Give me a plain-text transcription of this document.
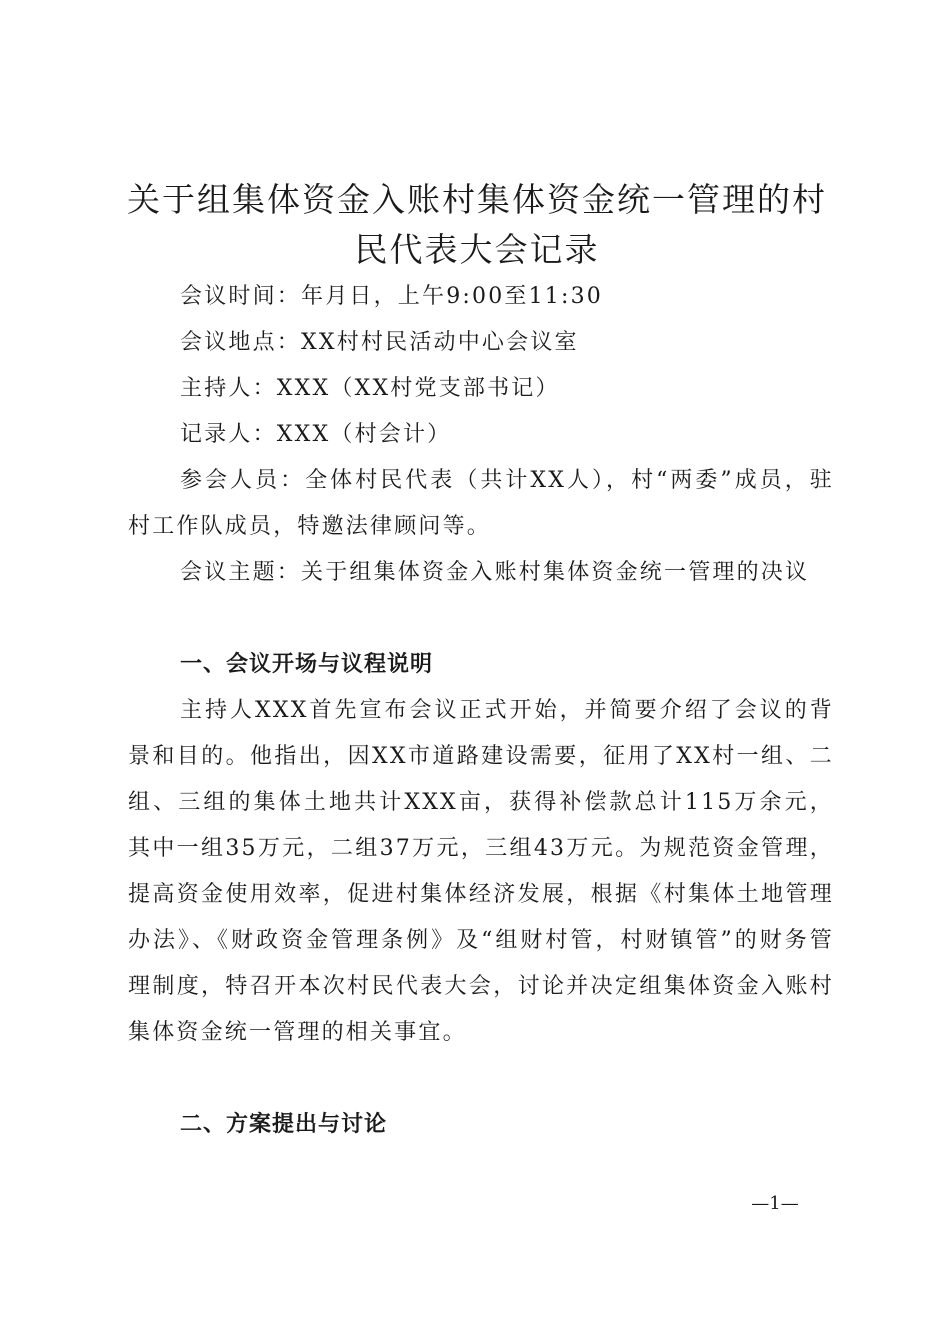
关于组集体资金入账村集体资金统一管理的村民代表大会记录

会议时间：年月日，上午9:00至11:30

会议地点：XX村村民活动中心会议室

主持人：XXX（XX村党支部书记）

记录人：XXX（村会计）

参会人员：全体村民代表（共计XX人），村“两委”成员，驻村工作队成员，特邀法律顾问等。

会议主题：关于组集体资金入账村集体资金统一管理的决议

一、会议开场与议程说明

主持人XXX首先宣布会议正式开始，并简要介绍了会议的背景和目的。他指出，因XX市道路建设需要，征用了XX村一组、二组、三组的集体土地共计XXX亩，获得补偿款总计115万余元，其中一组35万元，二组37万元，三组43万元。为规范资金管理，提高资金使用效率，促进村集体经济发展，根据《村集体土地管理办法》、《财政资金管理条例》及“组财村管，村财镇管”的财务管理制度，特召开本次村民代表大会，讨论并决定组集体资金入账村集体资金统一管理的相关事宜。

二、方案提出与讨论
—1—
